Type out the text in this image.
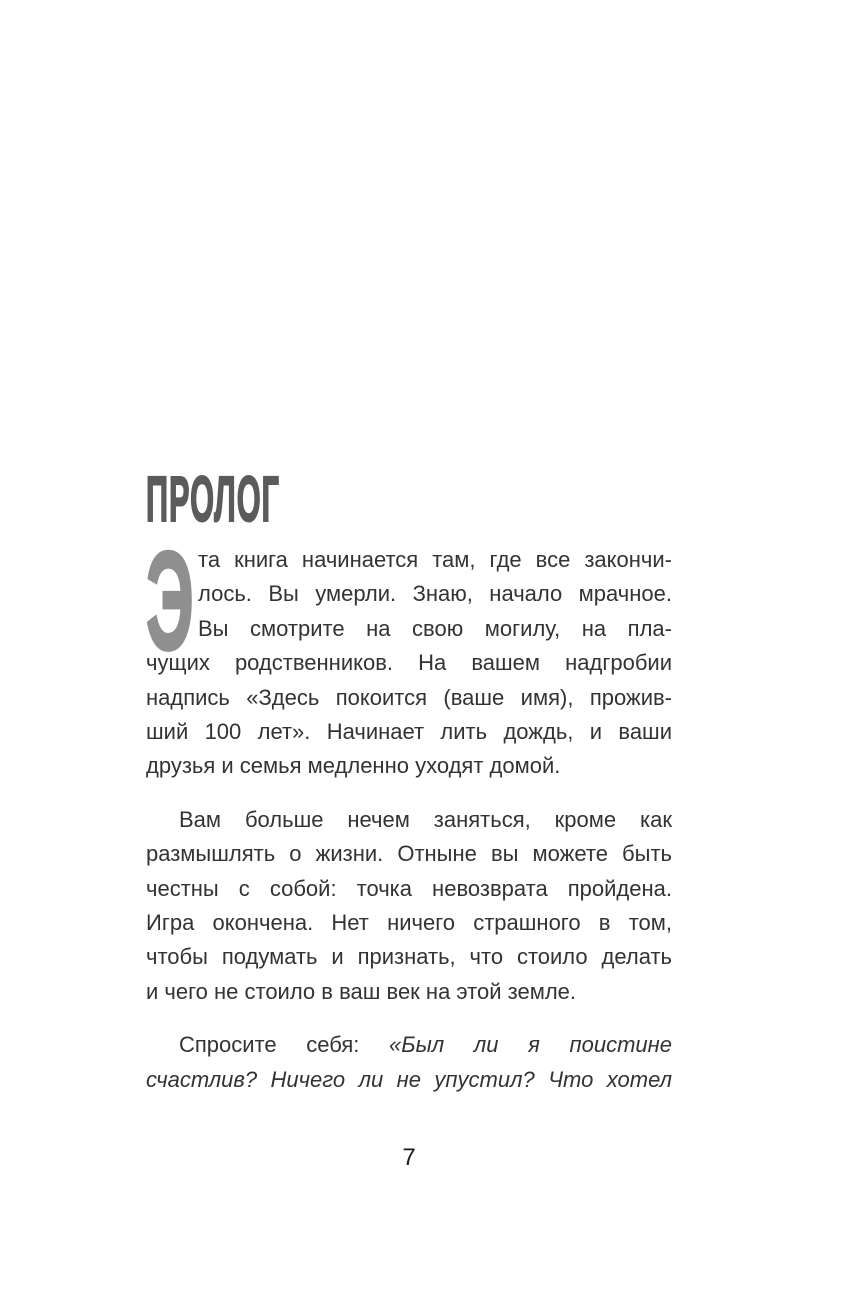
ПРОЛОГ
Э та книга начинается там, где все закончи-
лось. Вы умерли. Знаю, начало мрачное.
Вы смотрите на свою могилу, на пла-
чущих родственников. На вашем надгробии
надпись «Здесь покоится (ваше имя), прожив-
ший 100 лет». Начинает лить дождь, и ваши
друзья и семья медленно уходят домой.
Вам больше нечем заняться, кроме как
размышлять о жизни. Отныне вы можете быть
честны с собой: точка невозврата пройдена.
Игра окончена. Нет ничего страшного в том,
чтобы подумать и признать, что стоило делать
и чего не стоило в ваш век на этой земле.
Спросите себя: «Был ли я поистине
счастлив? Ничего ли не упустил? Что хотел
7
